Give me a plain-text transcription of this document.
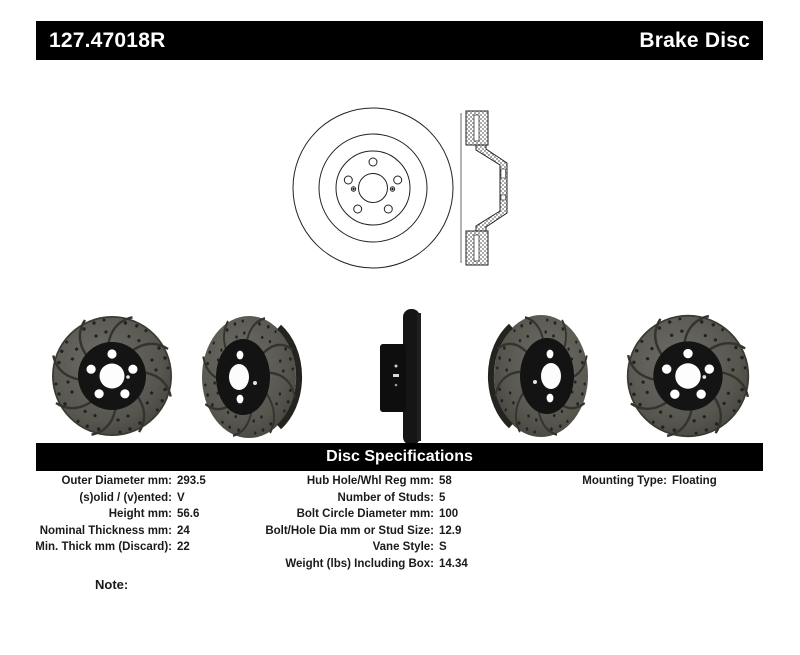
127.47018R	Brake Disc
Disc Specifications
Outer Diameter mm: 293.5
(s)olid / (v)ented: V
Height mm: 56.6
Nominal Thickness mm: 24
Min. Thick mm (Discard): 22
Hub Hole/Whl Reg mm: 58
Number of Studs: 5
Bolt Circle Diameter mm: 100
Bolt/Hole Dia mm or Stud Size: 12.9
Vane Style: S
Weight (lbs) Including Box: 14.34
Mounting Type: Floating
Note:
